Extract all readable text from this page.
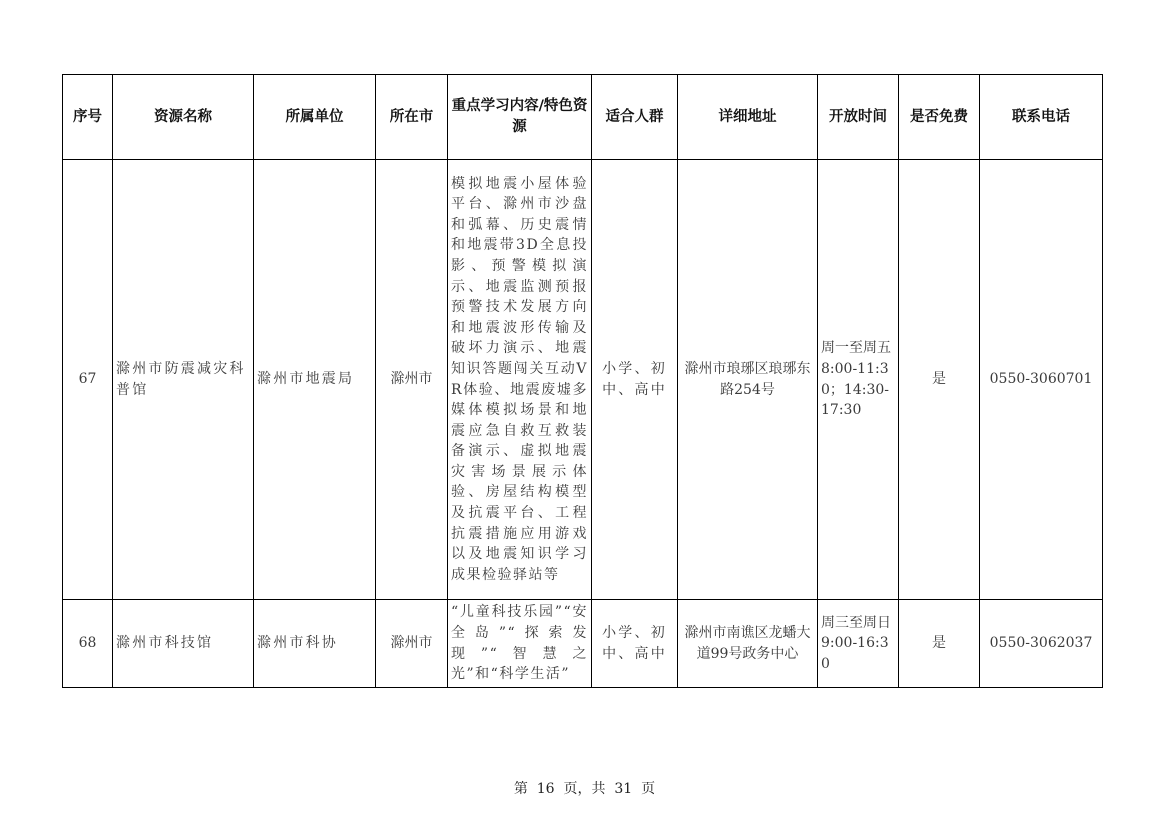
序号	资源名称	所属单位	所在市	重点学习内容/特色资源	适合人群	详细地址	开放时间	是否免费	联系电话
67	滁州市防震减灾科普馆	滁州市地震局	滁州市	模拟地震小屋体验平台、滁州市沙盘和弧幕、历史震情和地震带3D全息投影、预警模拟演示、地震监测预报预警技术发展方向和地震波形传输及破坏力演示、地震知识答题闯关互动VR体验、地震废墟多媒体模拟场景和地震应急自救互救装备演示、虚拟地震灾害场景展示体验、房屋结构模型及抗震平台、工程抗震措施应用游戏以及地震知识学习成果检验驿站等	小学、初中、高中	滁州市琅琊区琅琊东路254号	周一至周五 8:00-11:30；14:30-17:30	是	0550-3060701
68	滁州市科技馆	滁州市科协	滁州市	“儿童科技乐园”“安全岛”“探索发现”“智慧之光”和“科学生活”	小学、初中、高中	滁州市南谯区龙蟠大道99号政务中心	周三至周日9:00-16:30	是	0550-3062037
第  16  页，共  31  页
